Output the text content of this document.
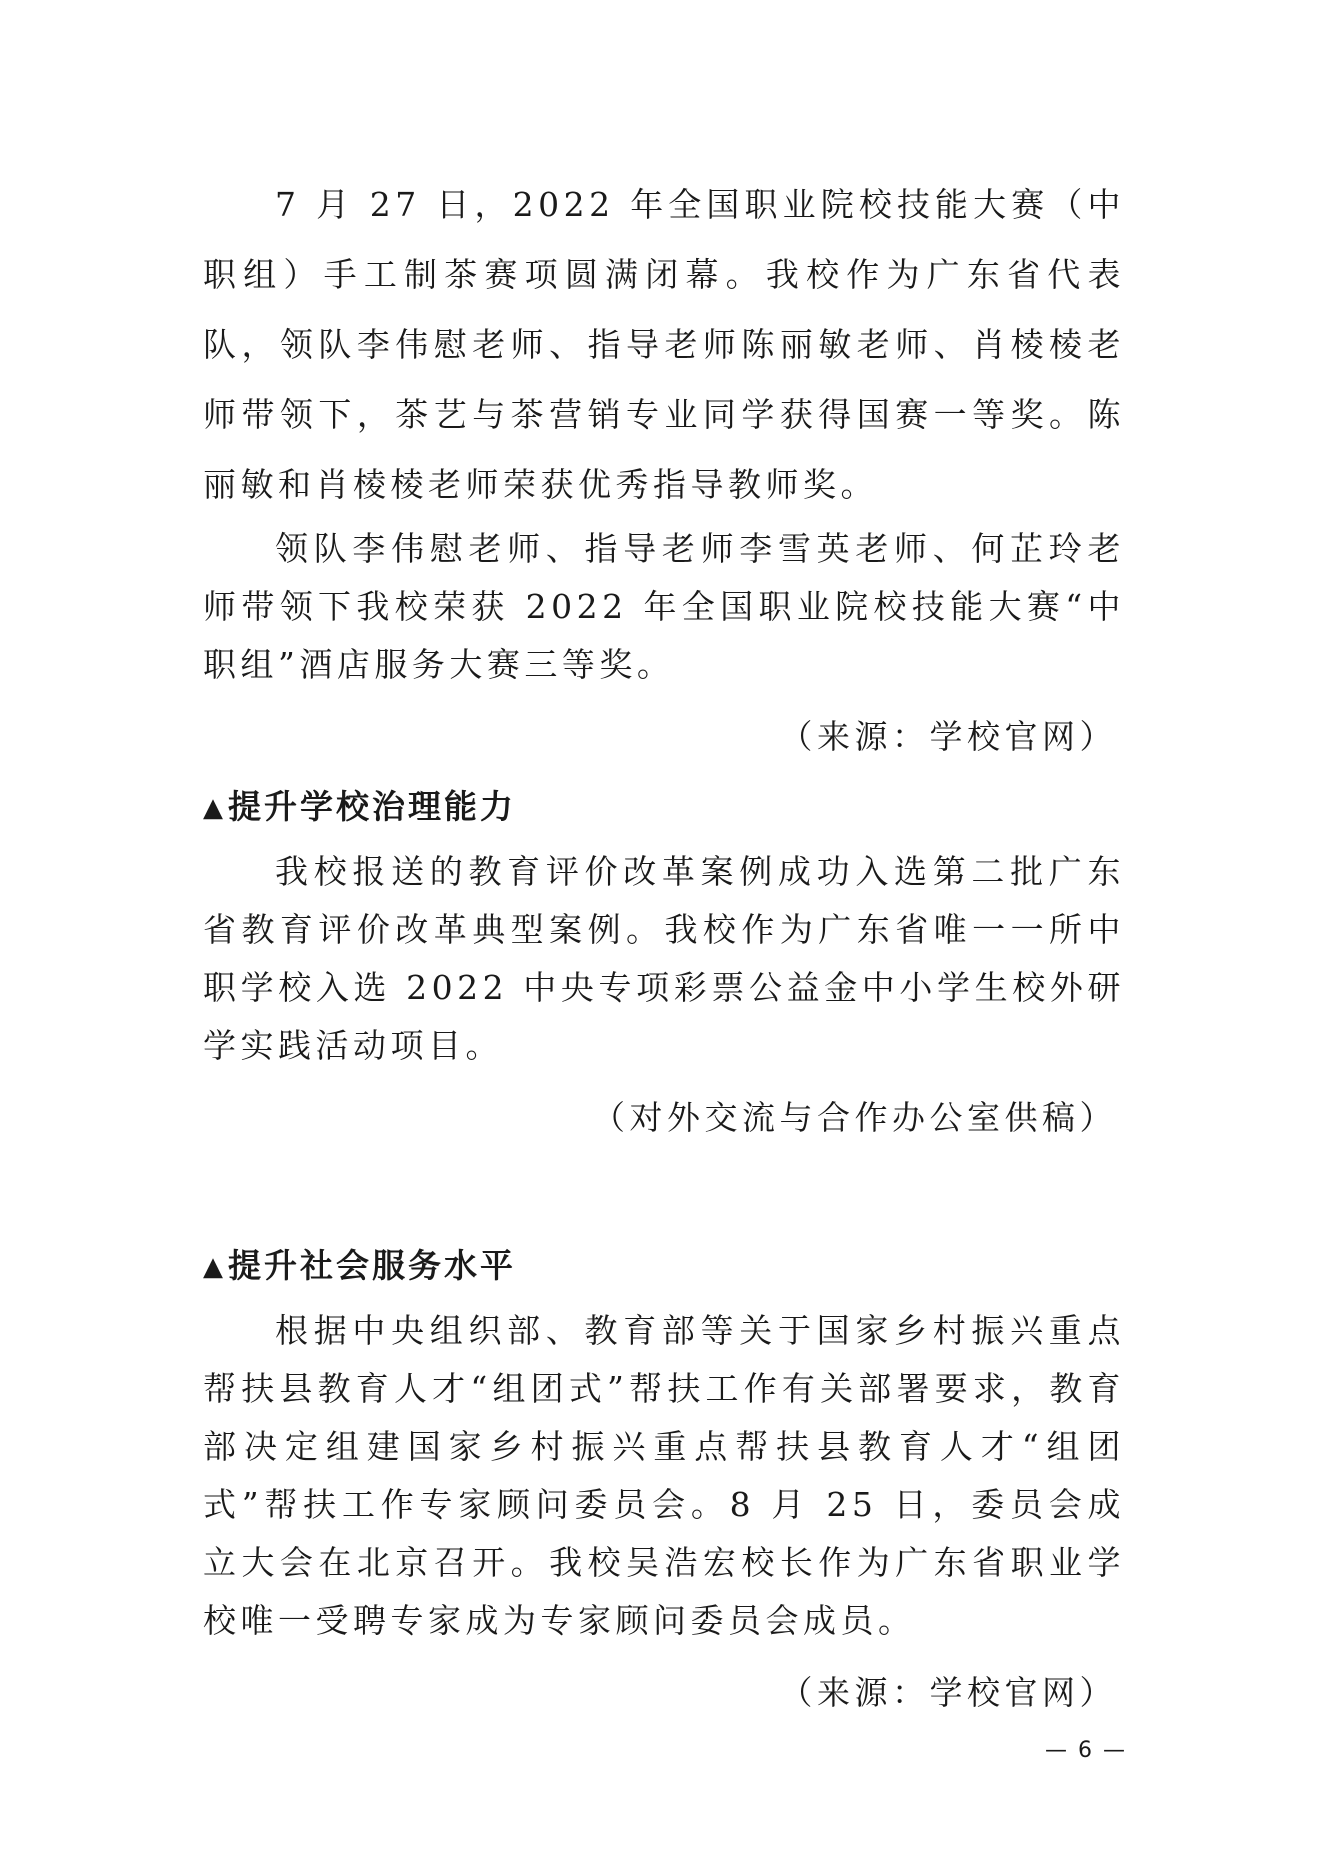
7 月 27 日，2022 年全国职业院校技能大赛（中职组）手工制茶赛项圆满闭幕。我校作为广东省代表队，领队李伟慰老师、指导老师陈丽敏老师、肖棱棱老师带领下，茶艺与茶营销专业同学获得国赛一等奖。陈丽敏和肖棱棱老师荣获优秀指导教师奖。

领队李伟慰老师、指导老师李雪英老师、何芷玲老师带领下我校荣获 2022 年全国职业院校技能大赛“中职组”酒店服务大赛三等奖。

（来源：学校官网）

▲提升学校治理能力

我校报送的教育评价改革案例成功入选第二批广东省教育评价改革典型案例。我校作为广东省唯一一所中职学校入选 2022 中央专项彩票公益金中小学生校外研学实践活动项目。

（对外交流与合作办公室供稿）

▲提升社会服务水平

根据中央组织部、教育部等关于国家乡村振兴重点帮扶县教育人才“组团式”帮扶工作有关部署要求，教育部决定组建国家乡村振兴重点帮扶县教育人才“组团式”帮扶工作专家顾问委员会。8 月 25 日，委员会成立大会在北京召开。我校吴浩宏校长作为广东省职业学校唯一受聘专家成为专家顾问委员会成员。

（来源：学校官网）

— 6 —
